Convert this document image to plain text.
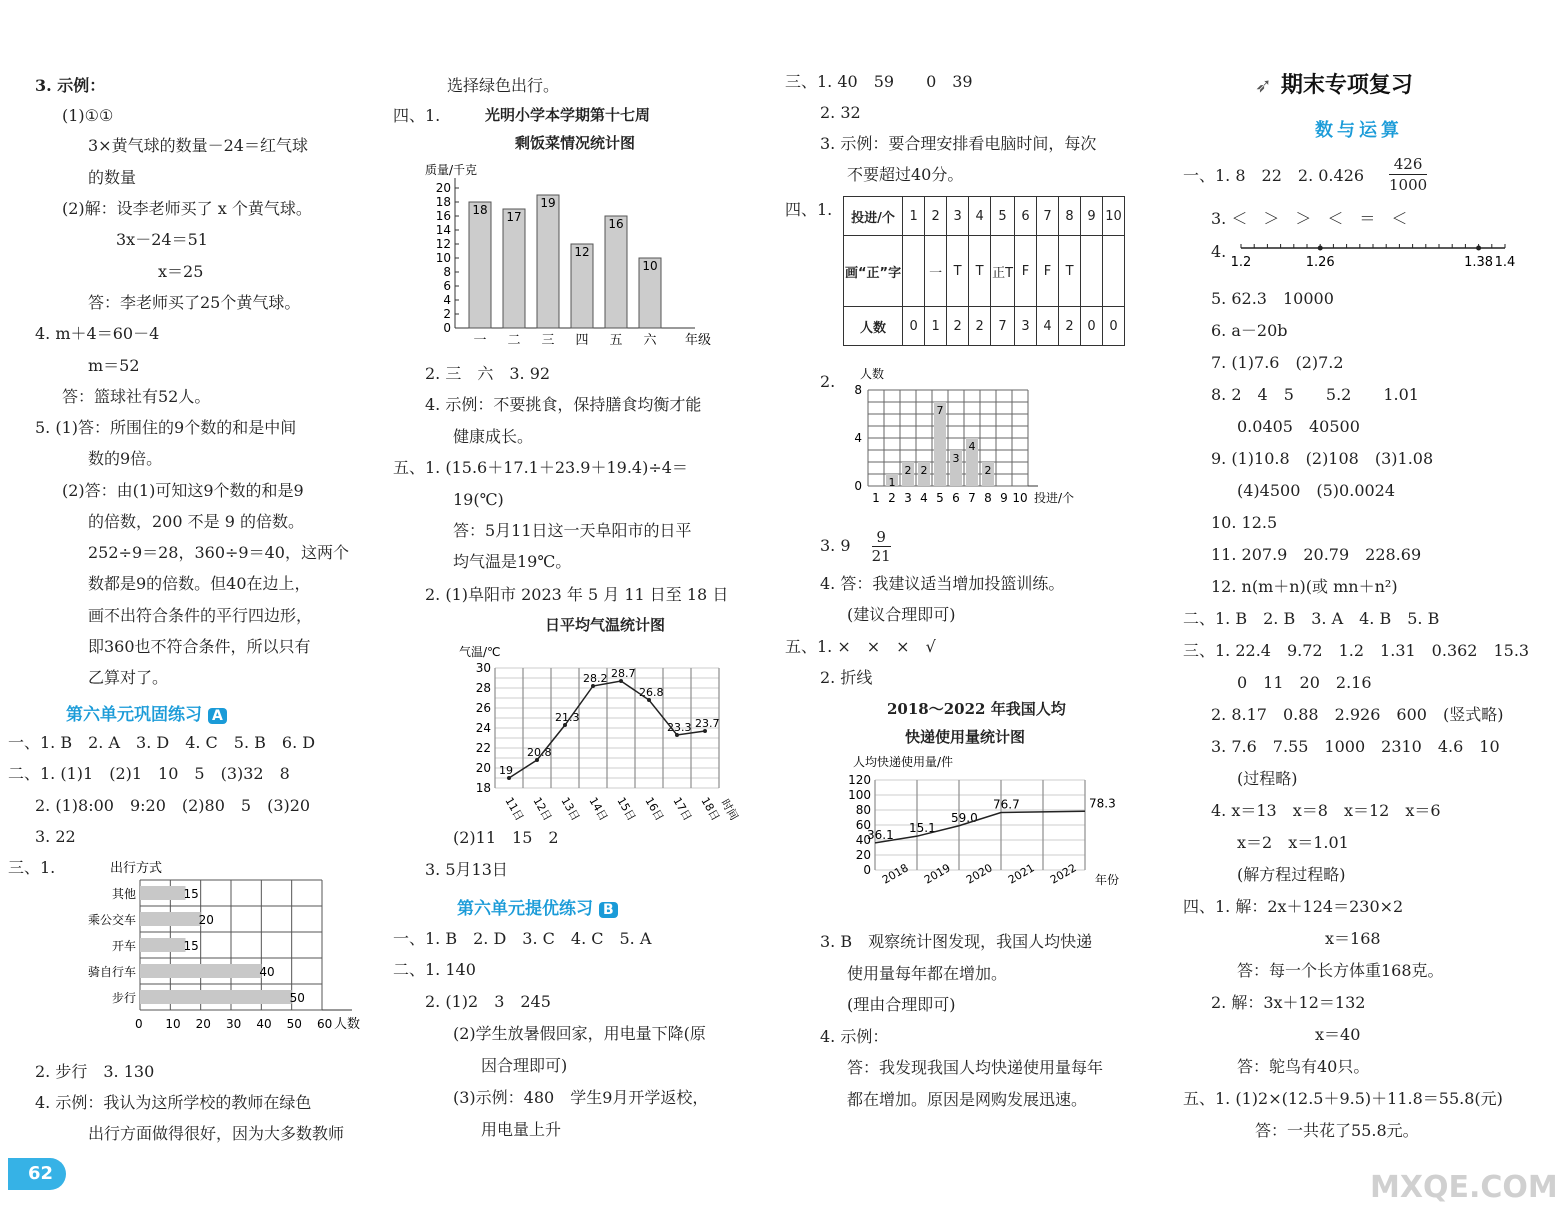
3. 示例：
(1)①①
3×黄气球的数量－24＝红气球
的数量
(2)解：设李老师买了 x 个黄气球。
3x－24＝51
x＝25
答：李老师买了25个黄气球。
4. m＋4＝60－4
m＝52
答：篮球社有52人。
5. (1)答：所围住的9个数的和是中间
数的9倍。
(2)答：由(1)可知这9个数的和是9
的倍数，200 不是 9 的倍数。
252÷9＝28，360÷9＝40，这两个
数都是9的倍数。但40在边上，
画不出符合条件的平行四边形，
即360也不符合条件，所以只有
乙算对了。
第六单元巩固练习 A
一、1. B　2. A　3. D　4. C　5. B　6. D
二、1. (1)1　(2)1　10　5　(3)32　8
2. (1)8:00　9:20　(2)80　5　(3)20
3. 22
三、1.	出行方式
0 10 20 30 40 50 60 人数
其他	15
乘公交车	20
开车	15
骑自行车	40
步行	50
2. 步行　3. 130
4. 示例：我认为这所学校的教师在绿色
出行方面做得很好，因为大多数教师
62
选择绿色出行。
四、1.	光明小学本学期第十七周
剩饭菜情况统计图
质量/千克
0
2
4
6
8
10
12
14
16
18
20
18
一
17
二
19
三
12
四
16
五
10
六 年级
2. 三　六　3. 92
4. 示例：不要挑食，保持膳食均衡才能
健康成长。
五、1. (15.6＋17.1＋23.9＋19.4)÷4＝
19(℃)
答：5月11日这一天阜阳市的日平
均气温是19℃。
2. (1)阜阳市 2023 年 5 月 11 日至 18 日
日平均气温统计图
气温/℃
18
20
22
24
26
28
30
19
11日
20.8
12日
21.3
13日
28.2
14日
28.7
15日
26.8
16日
23.3
17日
23.7
18日
时间
(2)11　15　2
3. 5月13日
第六单元提优练习 B
一、1. B　2. D　3. C　4. C　5. A
二、1. 140
2. (1)2　3　245
(2)学生放暑假回家，用电量下降(原
因合理即可)
(3)示例：480　学生9月开学返校，
用电量上升
三、1. 40　59　　0　39
2. 32
3. 示例：要合理安排看电脑时间，每次
不要超过40分。
四、1. 投进/个	1	2	3	4	5	6	7	8	9	10
画“正”字		一	T	T	正T	F	F	T		
人数	0	1	2	2	7	3	4	2	0	0
2. 人数
0
4
8
1
1
2
2
3
2
4
7
5
3
6
4
7
2
8 9 10 投进/个
3. 9　 $\frac{9}{21}$
4. 答：我建议适当增加投篮训练。
(建议合理即可)
五、1. ×　×　×　√
2. 折线
2018～2022 年我国人均
快递使用量统计图
人均快递使用量/件
0
20
40
60
80
100
120
36.1
2018
15.1
2019
59.0
2020
76.7
2021
78.3
2022 年份
3. B　观察统计图发现，我国人均快递
使用量每年都在增加。
(理由合理即可)
4. 示例：
答：我发现我国人均快递使用量每年
都在增加。原因是网购发展迅速。
➶ 期末专项复习
数与运算
一、1. 8　22　2. $0.426 \frac{426}{1000}$
3. ＜　＞　＞　＜　＝　＜
4.
1.2	1.26	1.38 1.4
5. 62.3　10000
6. a－20b
7. (1)7.6　(2)7.2
8. 2　4　5　　5.2　　1.01
0.0405　40500
9. (1)10.8　(2)108　(3)1.08
(4)4500　(5)0.0024
10. 12.5
11. 207.9　20.79　228.69
12. n(m＋n)(或 mn＋n²)
二、1. B　2. B　3. A　4. B　5. B
三、1. 22.4　9.72　1.2　1.31　0.362　15.3
0　11　20　2.16
2. 8.17　0.88　2.926　600　(竖式略)
3. 7.6　7.55　1000　2310　4.6　10
(过程略)
4. x＝13　x＝8　x＝12　x＝6
x＝2　x＝1.01
(解方程过程略)
四、1. 解：2x＋124＝230×2
x＝168
答：每一个长方体重168克。
2. 解：3x＋12＝132
x＝40
答：鸵鸟有40只。
五、1. (1)2×(12.5＋9.5)＋11.8＝55.8(元)
答：一共花了55.8元。
MXQE.COM
